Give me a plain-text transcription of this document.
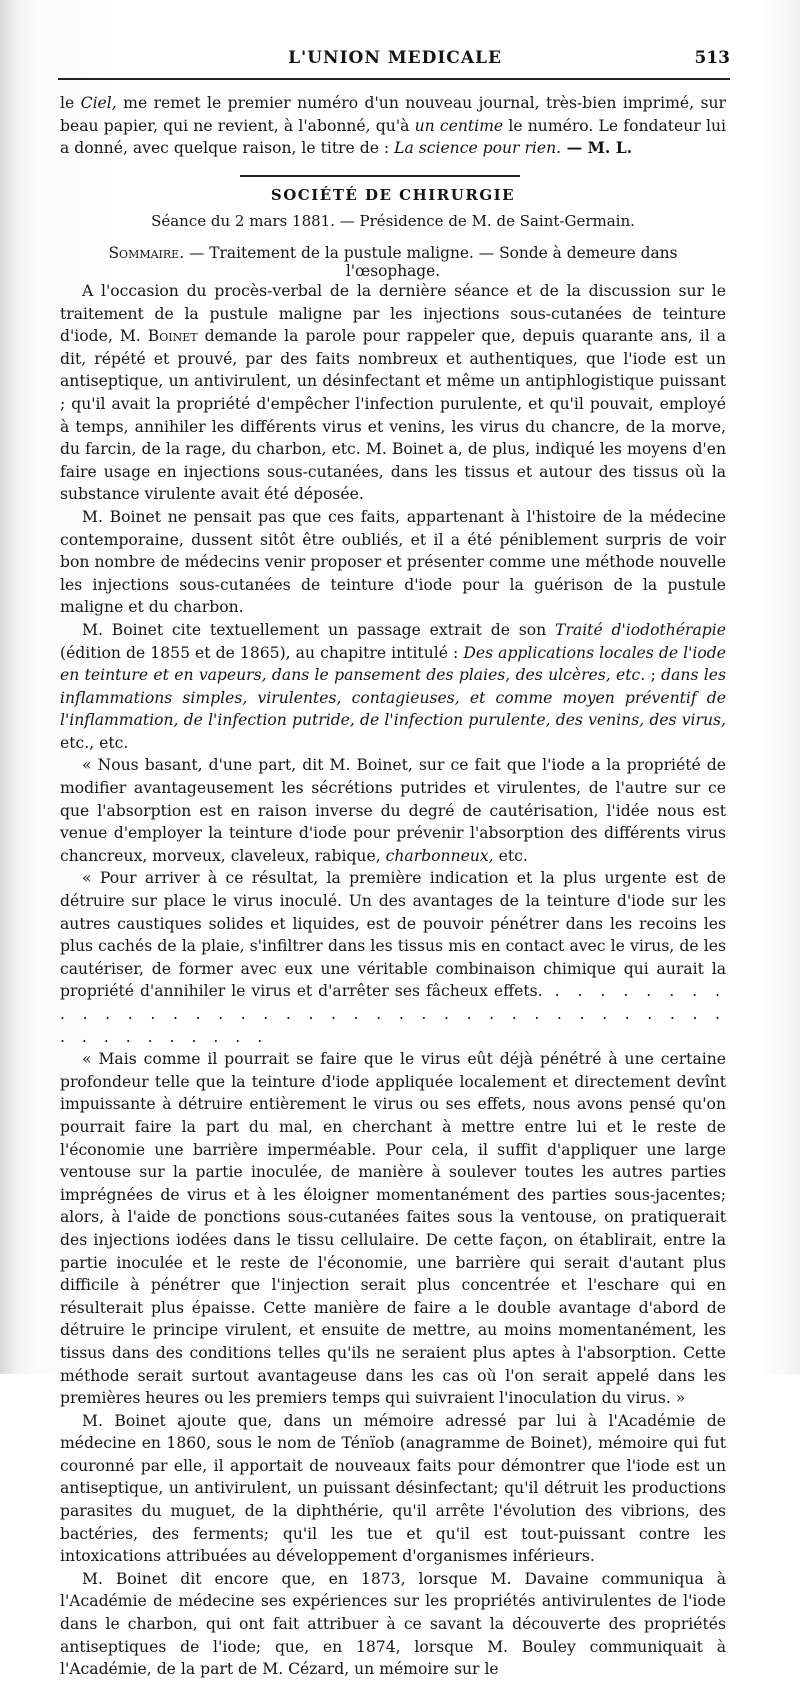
L'UNION MEDICALE	513

le Ciel, me remet le premier numéro d'un nouveau journal, très-bien imprimé, sur beau papier, qui ne revient, à l'abonné, qu'à un centime le numéro. Le fondateur lui a donné, avec quelque raison, le titre de : La science pour rien. — M. L.

SOCIÉTÉ DE CHIRURGIE
Séance du 2 mars 1881. — Présidence de M. de Saint-Germain.
Sommaire. — Traitement de la pustule maligne. — Sonde à demeure dans l'œsophage.

A l'occasion du procès-verbal de la dernière séance et de la discussion sur le traitement de la pustule maligne par les injections sous-cutanées de teinture d'iode, M. Boinet demande la parole pour rappeler que, depuis quarante ans, il a dit, répété et prouvé, par des faits nombreux et authentiques, que l'iode est un antiseptique, un antivirulent, un désinfectant et même un antiphlogistique puissant ; qu'il avait la propriété d'empêcher l'infection purulente, et qu'il pouvait, employé à temps, annihiler les différents virus et venins, les virus du chancre, de la morve, du farcin, de la rage, du charbon, etc. M. Boinet a, de plus, indiqué les moyens d'en faire usage en injections sous-cutanées, dans les tissus et autour des tissus où la substance virulente avait été déposée.

M. Boinet ne pensait pas que ces faits, appartenant à l'histoire de la médecine contemporaine, dussent sitôt être oubliés, et il a été péniblement surpris de voir bon nombre de médecins venir proposer et présenter comme une méthode nouvelle les injections sous-cutanées de teinture d'iode pour la guérison de la pustule maligne et du charbon.

M. Boinet cite textuellement un passage extrait de son Traité d'iodothérapie (édition de 1855 et de 1865), au chapitre intitulé : Des applications locales de l'iode en teinture et en vapeurs, dans le pansement des plaies, des ulcères, etc. ; dans les inflammations simples, virulentes, contagieuses, et comme moyen préventif de l'inflammation, de l'infection putride, de l'infection purulente, des venins, des virus, etc., etc.

« Nous basant, d'une part, dit M. Boinet, sur ce fait que l'iode a la propriété de modifier avantageusement les sécrétions putrides et virulentes, de l'autre sur ce que l'absorption est en raison inverse du degré de cautérisation, l'idée nous est venue d'employer la teinture d'iode pour prévenir l'absorption des différents virus chancreux, morveux, claveleux, rabique, charbonneux, etc.

« Pour arriver à ce résultat, la première indication et la plus urgente est de détruire sur place le virus inoculé. Un des avantages de la teinture d'iode sur les autres caustiques solides et liquides, est de pouvoir pénétrer dans les recoins les plus cachés de la plaie, s'infiltrer dans les tissus mis en contact avec le virus, de les cautériser, de former avec eux une véritable combinaison chimique qui aurait la propriété d'annihiler le virus et d'arrêter ses fâcheux effets. . . . . . . . . . . . . . . . . . . . . . . . . . . . . . . . . . . . . . . . . . . . . . . . .

« Mais comme il pourrait se faire que le virus eût déjà pénétré à une certaine profondeur telle que la teinture d'iode appliquée localement et directement devînt impuissante à détruire entièrement le virus ou ses effets, nous avons pensé qu'on pourrait faire la part du mal, en cherchant à mettre entre lui et le reste de l'économie une barrière imperméable. Pour cela, il suffit d'appliquer une large ventouse sur la partie inoculée, de manière à soulever toutes les autres parties imprégnées de virus et à les éloigner momentanément des parties sous-jacentes; alors, à l'aide de ponctions sous-cutanées faites sous la ventouse, on pratiquerait des injections iodées dans le tissu cellulaire. De cette façon, on établirait, entre la partie inoculée et le reste de l'économie, une barrière qui serait d'autant plus difficile à pénétrer que l'injection serait plus concentrée et l'eschare qui en résulterait plus épaisse. Cette manière de faire a le double avantage d'abord de détruire le principe virulent, et ensuite de mettre, au moins momentanément, les tissus dans des conditions telles qu'ils ne seraient plus aptes à l'absorption. Cette méthode serait surtout avantageuse dans les cas où l'on serait appelé dans les premières heures ou les premiers temps qui suivraient l'inoculation du virus. »

M. Boinet ajoute que, dans un mémoire adressé par lui à l'Académie de médecine en 1860, sous le nom de Ténïob (anagramme de Boinet), mémoire qui fut couronné par elle, il apportait de nouveaux faits pour démontrer que l'iode est un antiseptique, un antivirulent, un puissant désinfectant; qu'il détruit les productions parasites du muguet, de la diphthérie, qu'il arrête l'évolution des vibrions, des bactéries, des ferments; qu'il les tue et qu'il est tout-puissant contre les intoxications attribuées au développement d'organismes inférieurs.

M. Boinet dit encore que, en 1873, lorsque M. Davaine communiqua à l'Académie de médecine ses expériences sur les propriétés antivirulentes de l'iode dans le charbon, qui ont fait attribuer à ce savant la découverte des propriétés antiseptiques de l'iode; que, en 1874, lorsque M. Bouley communiquait à l'Académie, de la part de M. Cézard, un mémoire sur le
